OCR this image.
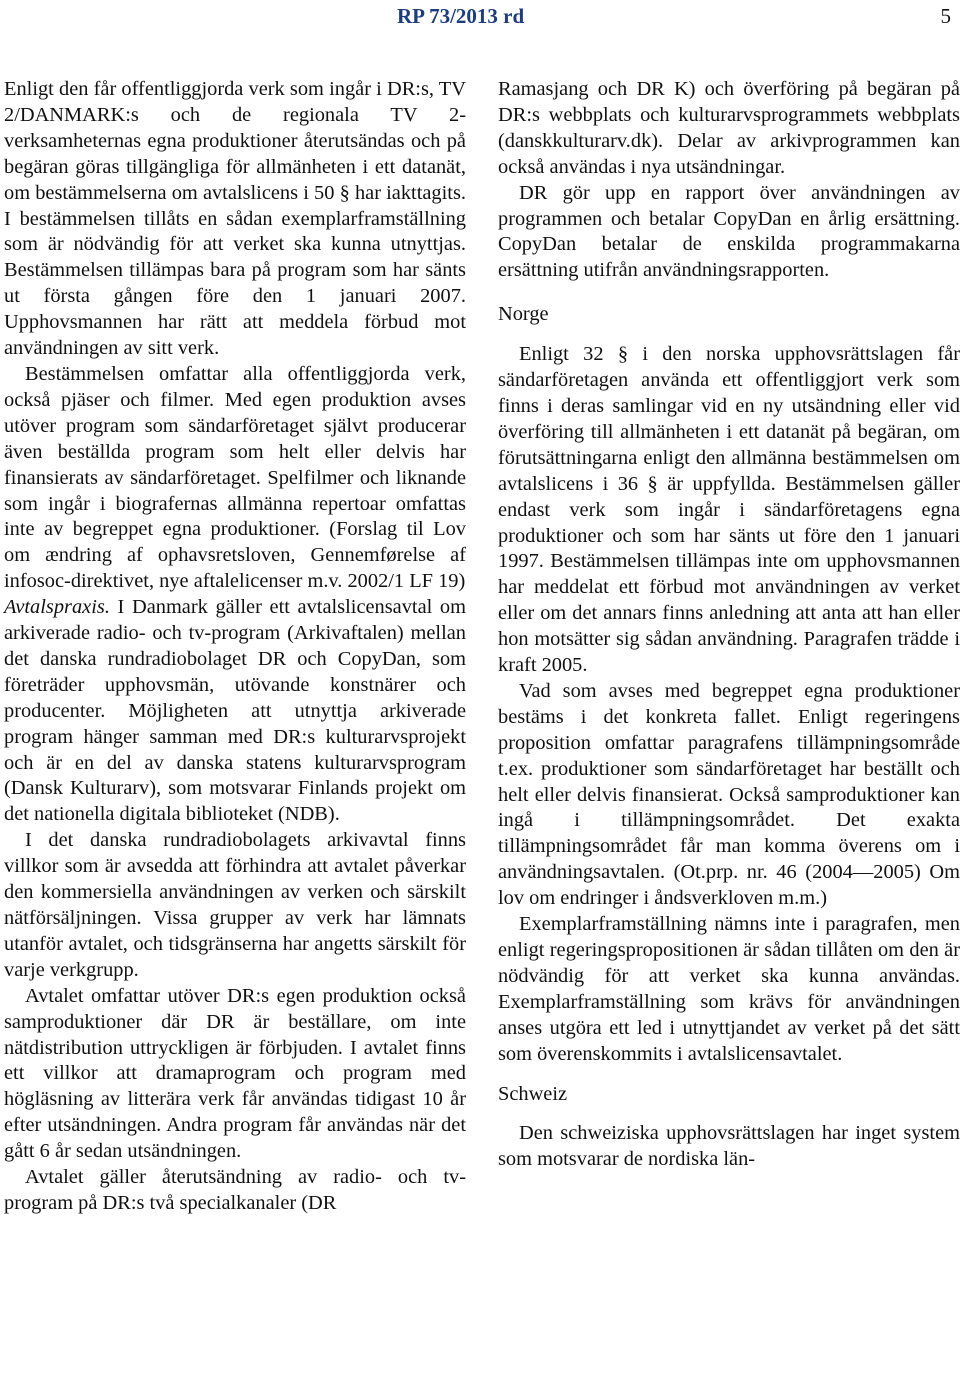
RP 73/2013 rd	5

Enligt den får offentliggjorda verk som ingår i DR:s, TV 2/DANMARK:s och de regionala TV 2-verksamheternas egna produktioner återutsändas och på begäran göras tillgängliga för allmänheten i ett datanät, om bestämmelserna om avtalslicens i 50 § har iakttagits. I bestämmelsen tillåts en sådan exemplarframställning som är nödvändig för att verket ska kunna utnyttjas. Bestämmelsen tillämpas bara på program som har sänts ut första gången före den 1 januari 2007. Upphovsmannen har rätt att meddela förbud mot användningen av sitt verk.

Bestämmelsen omfattar alla offentliggjorda verk, också pjäser och filmer. Med egen produktion avses utöver program som sändarföretaget självt producerar även beställda program som helt eller delvis har finansierats av sändarföretaget. Spelfilmer och liknande som ingår i biografernas allmänna repertoar omfattas inte av begreppet egna produktioner. (Forslag til Lov om ændring af ophavsretsloven, Gennemførelse af infosoc-direktivet, nye aftalelicenser m.v. 2002/1 LF 19)

Avtalspraxis. I Danmark gäller ett avtalslicensavtal om arkiverade radio- och tv-program (Arkivaftalen) mellan det danska rundradiobolaget DR och CopyDan, som företräder upphovsmän, utövande konstnärer och producenter. Möjligheten att utnyttja arkiverade program hänger samman med DR:s kulturarvsprojekt och är en del av danska statens kulturarvsprogram (Dansk Kulturarv), som motsvarar Finlands projekt om det nationella digitala biblioteket (NDB).

I det danska rundradiobolagets arkivavtal finns villkor som är avsedda att förhindra att avtalet påverkar den kommersiella användningen av verken och särskilt nätförsäljningen. Vissa grupper av verk har lämnats utanför avtalet, och tidsgränserna har angetts särskilt för varje verkgrupp.

Avtalet omfattar utöver DR:s egen produktion också samproduktioner där DR är beställare, om inte nätdistribution uttryckligen är förbjuden. I avtalet finns ett villkor att dramaprogram och program med högläsning av litterära verk får användas tidigast 10 år efter utsändningen. Andra program får användas när det gått 6 år sedan utsändningen.

Avtalet gäller återutsändning av radio- och tv-program på DR:s två specialkanaler (DR

Ramasjang och DR K) och överföring på begäran på DR:s webbplats och kulturarvsprogrammets webbplats (danskkulturarv.dk). Delar av arkivprogrammen kan också användas i nya utsändningar.

DR gör upp en rapport över användningen av programmen och betalar CopyDan en årlig ersättning. CopyDan betalar de enskilda programmakarna ersättning utifrån användningsrapporten.

Norge

Enligt 32 § i den norska upphovsrättslagen får sändarföretagen använda ett offentliggjort verk som finns i deras samlingar vid en ny utsändning eller vid överföring till allmänheten i ett datanät på begäran, om förutsättningarna enligt den allmänna bestämmelsen om avtalslicens i 36 § är uppfyllda. Bestämmelsen gäller endast verk som ingår i sändarföretagens egna produktioner och som har sänts ut före den 1 januari 1997. Bestämmelsen tillämpas inte om upphovsmannen har meddelat ett förbud mot användningen av verket eller om det annars finns anledning att anta att han eller hon motsätter sig sådan användning. Paragrafen trädde i kraft 2005.

Vad som avses med begreppet egna produktioner bestäms i det konkreta fallet. Enligt regeringens proposition omfattar paragrafens tillämpningsområde t.ex. produktioner som sändarföretaget har beställt och helt eller delvis finansierat. Också samproduktioner kan ingå i tillämpningsområdet. Det exakta tillämpningsområdet får man komma överens om i användningsavtalen. (Ot.prp. nr. 46 (2004—2005) Om lov om endringer i åndsverkloven m.m.)

Exemplarframställning nämns inte i paragrafen, men enligt regeringspropositionen är sådan tillåten om den är nödvändig för att verket ska kunna användas. Exemplarframställning som krävs för användningen anses utgöra ett led i utnyttjandet av verket på det sätt som överenskommits i avtalslicensavtalet.

Schweiz

Den schweiziska upphovsrättslagen har inget system som motsvarar de nordiska län-
